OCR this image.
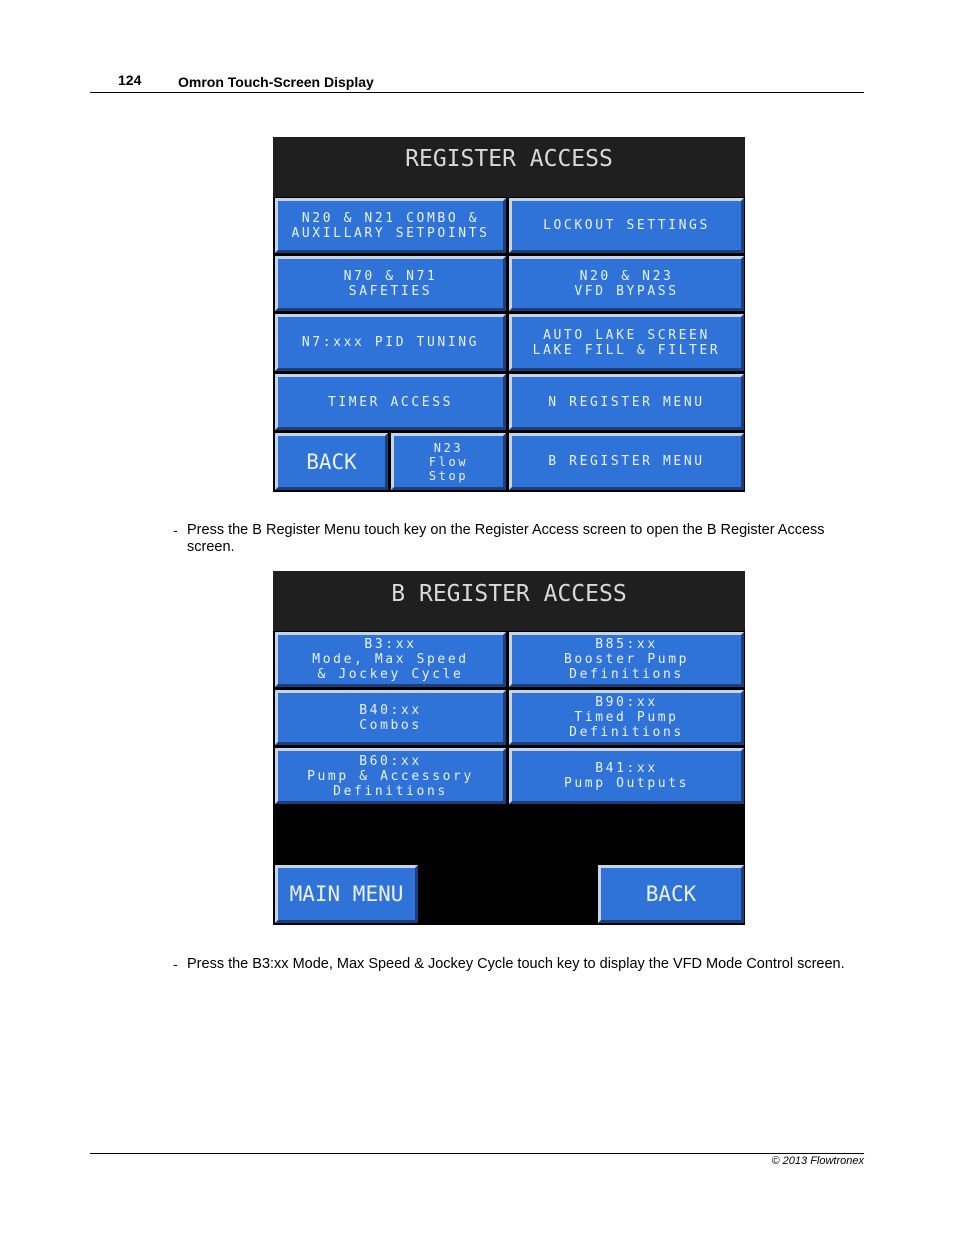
124	Omron Touch-Screen Display
REGISTER ACCESS
N20 & N21 COMBO &
AUXILLARY SETPOINTS	LOCKOUT SETTINGS
N70 & N71
SAFETIES
N20 & N23
VFD BYPASS
N7:xxx PID TUNING	AUTO LAKE SCREEN
LAKE FILL & FILTER
TIMER ACCESS	N REGISTER MENU
BACK
N23
Flow
Stop
B REGISTER MENU
- Press the B Register Menu touch key on the Register Access screen to open the B Register Access screen.
B REGISTER ACCESS
B3:xx
Mode, Max Speed
& Jockey Cycle
B85:xx
Booster Pump
Definitions
B40:xx
Combos
B90:xx
Timed Pump
Definitions
B60:xx
Pump & Accessory
Definitions
B41:xx
Pump Outputs
MAIN MENU	BACK
- Press the B3:xx Mode, Max Speed & Jockey Cycle touch key to display the VFD Mode Control screen.
© 2013 Flowtronex
